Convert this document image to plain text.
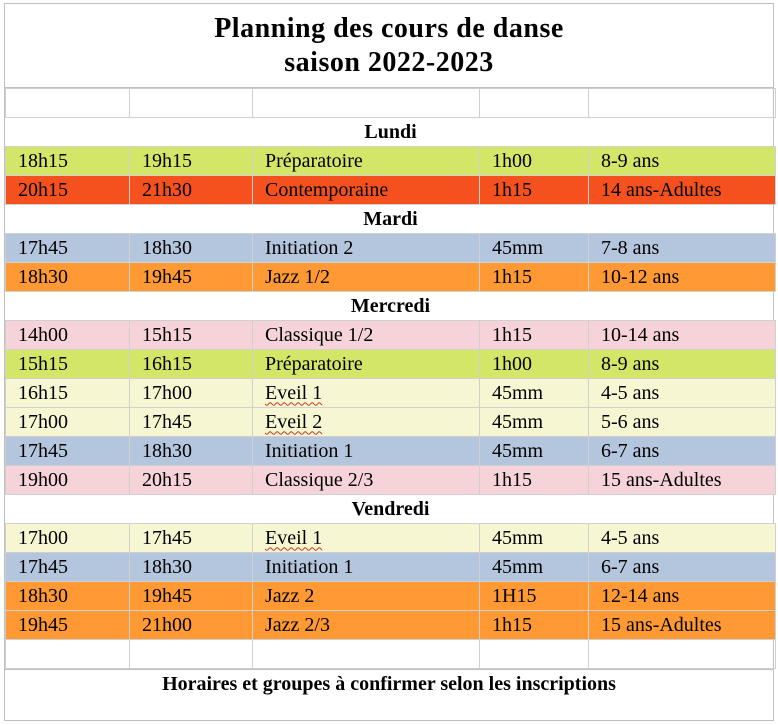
Planning des cours de danse
saison 2022-2023

Lundi				
18h15	19h15	Préparatoire	1h00	8-9 ans
20h15	21h30	Contemporaine	1h15	14 ans-Adultes
Mardi				
17h45	18h30	Initiation 2	45mm	7-8 ans
18h30	19h45	Jazz 1/2	1h15	10-12 ans
Mercredi				
14h00	15h15	Classique 1/2	1h15	10-14 ans
15h15	16h15	Préparatoire	1h00	8-9 ans
16h15	17h00	Eveil 1	45mm	4-5 ans
17h00	17h45	Eveil 2	45mm	5-6 ans
17h45	18h30	Initiation 1	45mm	6-7 ans
19h00	20h15	Classique 2/3	1h15	15 ans-Adultes
Vendredi				
17h00	17h45	Eveil 1	45mm	4-5 ans
17h45	18h30	Initiation 1	45mm	6-7 ans
18h30	19h45	Jazz 2	1H15	12-14 ans
19h45	21h00	Jazz 2/3	1h15	15 ans-Adultes

Horaires et groupes à confirmer selon les inscriptions
